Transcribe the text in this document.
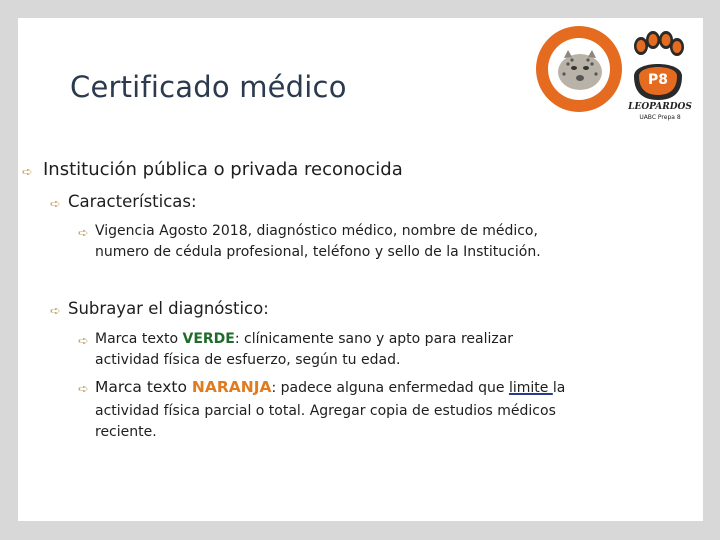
Certificado médico	P8
LEOPARDOS
UABC Prepa 8
➪ Institución pública o privada reconocida
➪ Características:
➪ Vigencia Agosto 2018, diagnóstico médico, nombre de médico,
numero de cédula profesional, teléfono y sello de la Institución.
➪ Subrayar el diagnóstico:
➪ Marca texto VERDE: clínicamente sano y apto para realizar
actividad física de esfuerzo, según tu edad.
➪ Marca texto NARANJA: padece alguna enfermedad que limite la
actividad física parcial o total. Agregar copia de estudios médicos
reciente.
